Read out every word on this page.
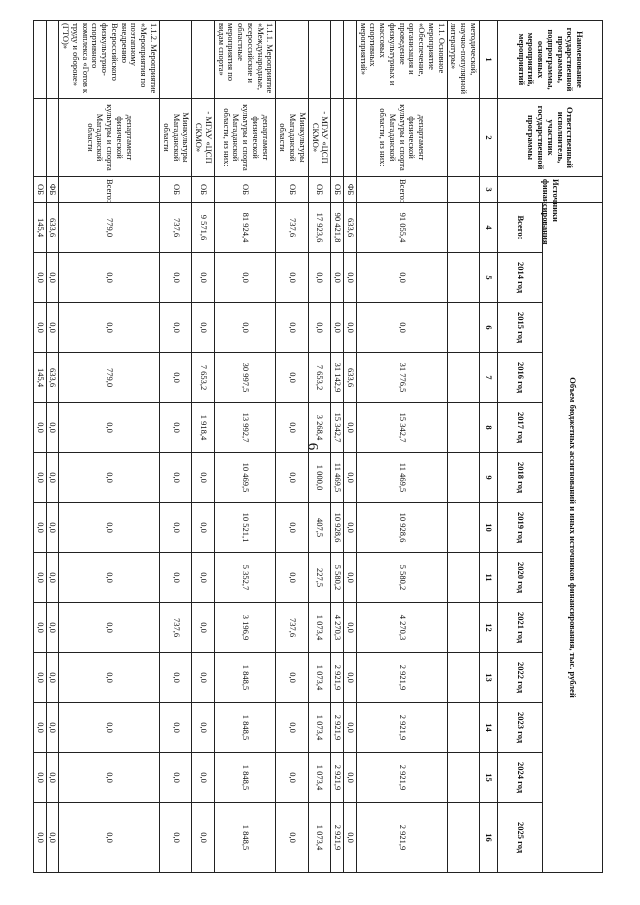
6
Наименование государственной программы, подпрограммы, основных мероприятий, мероприятий	Ответственный исполнитель, участник государственной программы	Источники финансирования	Объем бюджетных ассигнований и иных источников финансирования, тыс. рублей												
			Всего:	2014 год	2015 год	2016 год	2017 год	2018 год	2019 год	2020 год	2021 год	2022 год	2023 год	2024 год	2025 год
1	2	3	4	5	6	7	8	9	10	11	12	13	14	15	16
методической, научно-популярной литературы»															
1.1. Основное мероприятие «Обеспечение, организация и проведение физкультурных и массовых спортивных мероприятий»	департамент физической культуры и спорта Магаданской области, из них:	Всего:	91 055,4	0,0	0,0	31 776,5	15 342,7	11 469,5	10 928,6	5 580,2	4 270,3	2 921,9	2 921,9	2 921,9	2 921,9
		ФБ	633,6	0,0	0,0	633,6	0,0	0,0	0,0	0,0	0,0	0,0	0,0	0,0	0,0
		ОБ	90 421,8	0,0	0,0	31 142,9	15 342,7	11 469,5	10 928,6	5 580,2	4 270,3	2 921,9	2 921,9	2 921,9	2 921,9
	- МГАУ «ЦСП СКМО»	ОБ	17 923,6	0,0	0,0	7 653,2	3 268,4	1 000,0	407,5	227,5	1 073,4	1 073,4	1 073,4	1 073,4	1 073,4
	Минкультуры Магаданской области	ОБ	737,6	0,0	0,0	0,0	0,0	0,0	0,0	0,0	737,6	0,0	0,0	0,0	0,0
1.1.1. Мероприятие «Международные, всероссийские и областные мероприятия по видам спорта»	департамент физической культуры и спорта Магаданской области, из них:	ОБ	81 924,4	0,0	0,0	30 997,5	13 992,7	10 469,5	10 521,1	5 352,7	3 196,9	1 848,5	1 848,5	1 848,5	1 848,5
	- МГАУ «ЦСП СКМО»	ОБ	9 571,6	0,0	0,0	7 653,2	1 918,4	0,0	0,0	0,0	0,0	0,0	0,0	0,0	0,0
	Минкультуры Магаданской области	ОБ	737,6	0,0	0,0	0,0	0,0	0,0	0,0	0,0	737,6	0,0	0,0	0,0	0,0
1.1.2. Мероприятие «Мероприятия по поэтапному внедрению Всероссийского физкультурно-спортивного комплекса «Готов к труду и обороне» (ГТО)»	департамент физической культуры и спорта Магаданской области	Всего:	779,0	0,0	0,0	779,0	0,0	0,0	0,0	0,0	0,0	0,0	0,0	0,0	0,0
		ФБ	633,6	0,0	0,0	633,6	0,0	0,0	0,0	0,0	0,0	0,0	0,0	0,0	0,0
		ОБ	145,4	0,0	0,0	145,4	0,0	0,0	0,0	0,0	0,0	0,0	0,0	0,0	0,0
